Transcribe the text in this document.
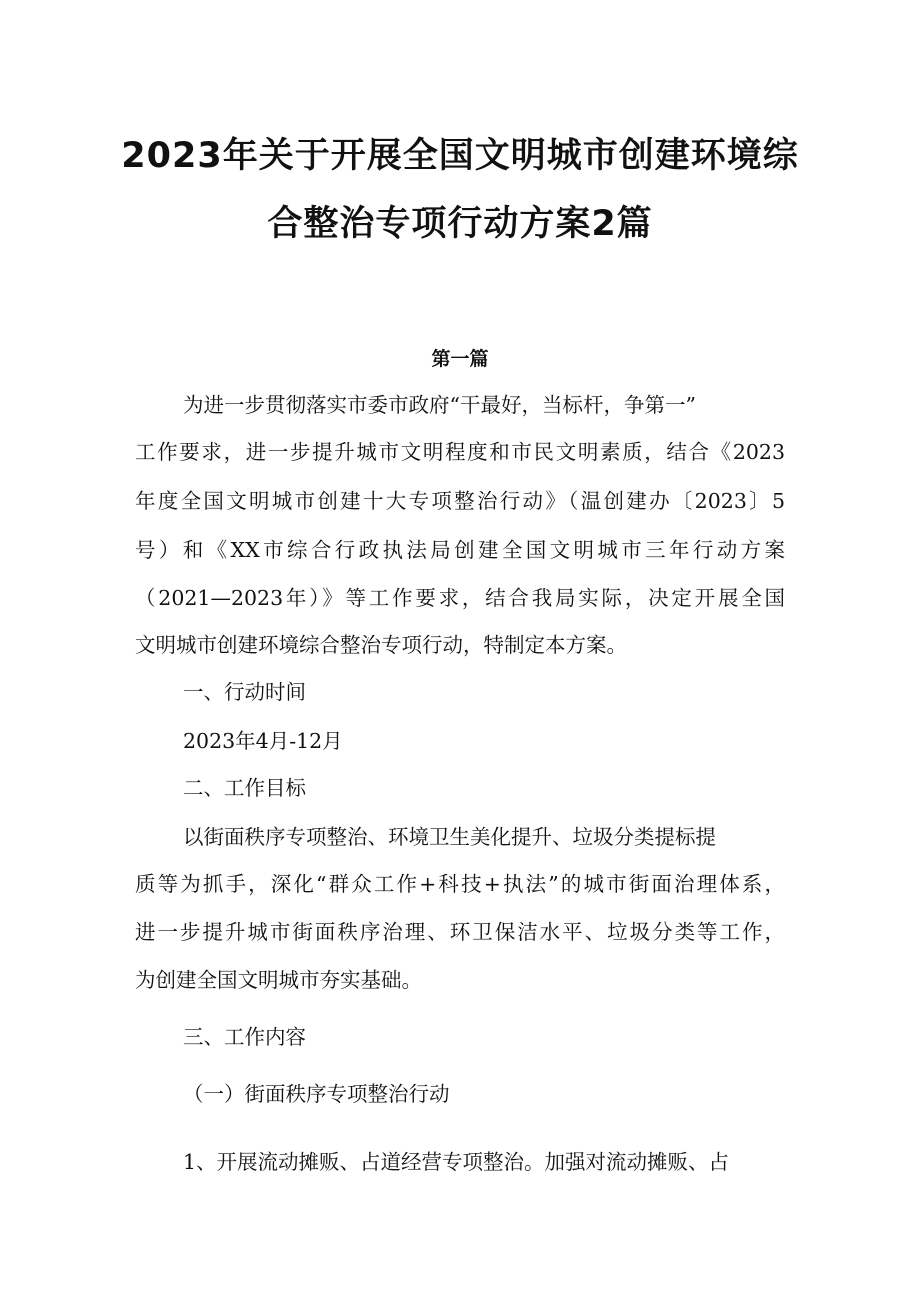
2023年关于开展全国文明城市创建环境综
合整治专项行动方案2篇
第一篇

为进一步贯彻落实市委市政府“干最好，当标杆，争第一”

工作要求，进一步提升城市文明程度和市民文明素质，结合《2023

年度全国文明城市创建十大专项整治行动》（温创建办〔2023〕5

号）和《XX市综合行政执法局创建全国文明城市三年行动方案

（2021—2023年）》等工作要求，结合我局实际，决定开展全国

文明城市创建环境综合整治专项行动，特制定本方案。

一、行动时间

2023年4月-12月

二、工作目标

以街面秩序专项整治、环境卫生美化提升、垃圾分类提标提

质等为抓手，深化“群众工作+科技+执法”的城市街面治理体系，

进一步提升城市街面秩序治理、环卫保洁水平、垃圾分类等工作，

为创建全国文明城市夯实基础。

三、工作内容

（一）街面秩序专项整治行动

1、开展流动摊贩、占道经营专项整治。加强对流动摊贩、占
